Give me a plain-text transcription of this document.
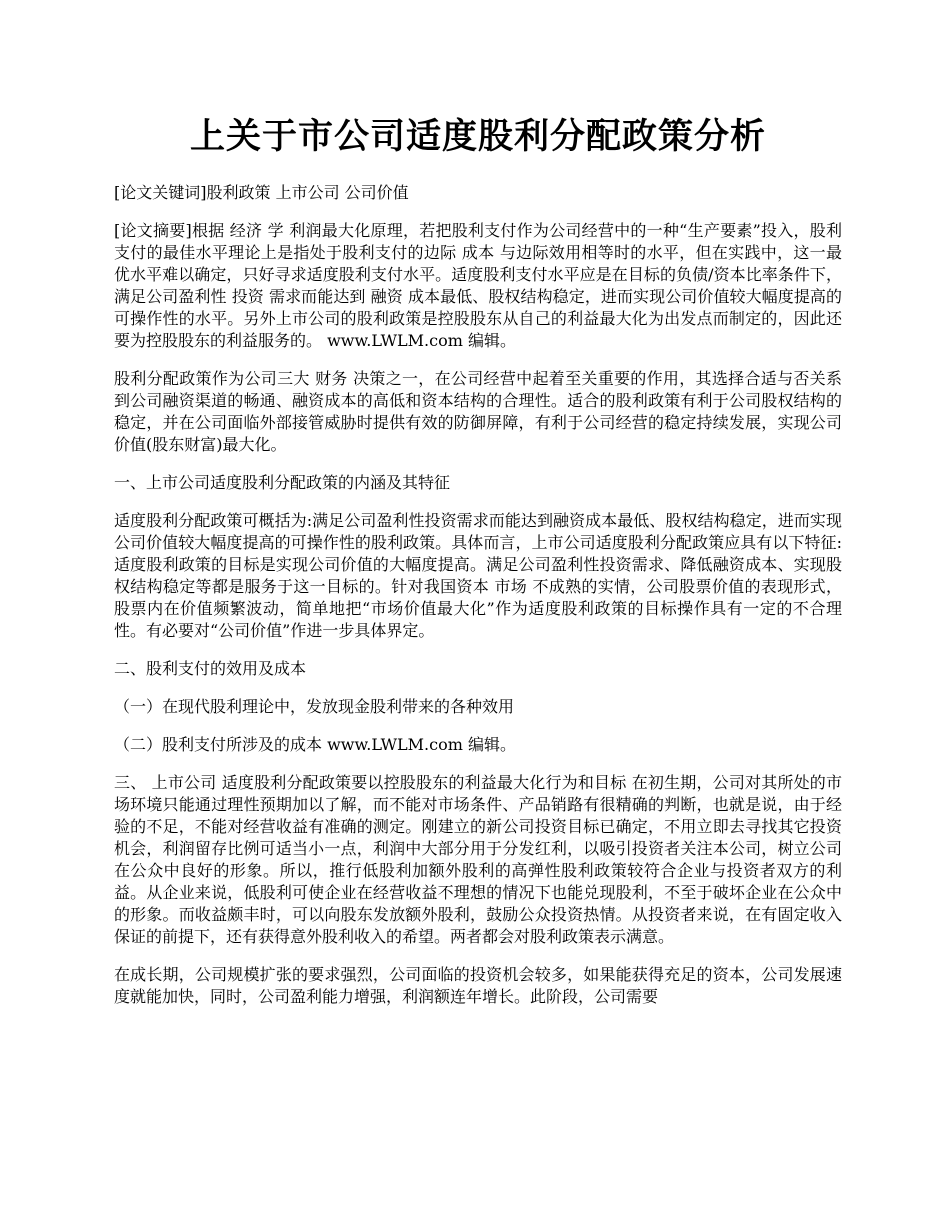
上关于市公司适度股利分配政策分析

[论文关键词]股利政策 上市公司 公司价值

[论文摘要]根据 经济 学 利润最大化原理，若把股利支付作为公司经营中的一种“生产要素”投入，股利支付的最佳水平理论上是指处于股利支付的边际 成本 与边际效用相等时的水平，但在实践中，这一最优水平难以确定，只好寻求适度股利支付水平。适度股利支付水平应是在目标的负债/资本比率条件下，满足公司盈利性 投资 需求而能达到 融资 成本最低、股权结构稳定，进而实现公司价值较大幅度提高的可操作性的水平。另外上市公司的股利政策是控股股东从自己的利益最大化为出发点而制定的，因此还要为控股股东的利益服务的。 www.LWLM.com 编辑。

股利分配政策作为公司三大 财务 决策之一，在公司经营中起着至关重要的作用，其选择合适与否关系到公司融资渠道的畅通、融资成本的高低和资本结构的合理性。适合的股利政策有利于公司股权结构的稳定，并在公司面临外部接管威胁时提供有效的防御屏障，有利于公司经营的稳定持续发展，实现公司价值(股东财富)最大化。

一、上市公司适度股利分配政策的内涵及其特征

适度股利分配政策可概括为:满足公司盈利性投资需求而能达到融资成本最低、股权结构稳定，进而实现公司价值较大幅度提高的可操作性的股利政策。具体而言，上市公司适度股利分配政策应具有以下特征:适度股利政策的目标是实现公司价值的大幅度提高。满足公司盈利性投资需求、降低融资成本、实现股权结构稳定等都是服务于这一目标的。针对我国资本 市场 不成熟的实情，公司股票价值的表现形式，股票内在价值频繁波动，简单地把“市场价值最大化”作为适度股利政策的目标操作具有一定的不合理性。有必要对“公司价值”作进一步具体界定。

二、股利支付的效用及成本

（一）在现代股利理论中，发放现金股利带来的各种效用

（二）股利支付所涉及的成本 www.LWLM.com 编辑。

三、 上市公司 适度股利分配政策要以控股股东的利益最大化行为和目标 在初生期，公司对其所处的市场环境只能通过理性预期加以了解，而不能对市场条件、产品销路有很精确的判断，也就是说，由于经验的不足，不能对经营收益有准确的测定。刚建立的新公司投资目标已确定，不用立即去寻找其它投资机会，利润留存比例可适当小一点，利润中大部分用于分发红利，以吸引投资者关注本公司，树立公司在公众中良好的形象。所以，推行低股利加额外股利的高弹性股利政策较符合企业与投资者双方的利益。从企业来说，低股利可使企业在经营收益不理想的情况下也能兑现股利，不至于破坏企业在公众中的形象。而收益颇丰时，可以向股东发放额外股利，鼓励公众投资热情。从投资者来说，在有固定收入保证的前提下，还有获得意外股利收入的希望。两者都会对股利政策表示满意。

在成长期，公司规模扩张的要求强烈，公司面临的投资机会较多，如果能获得充足的资本，公司发展速度就能加快，同时，公司盈利能力增强，利润额连年增长。此阶段，公司需要
